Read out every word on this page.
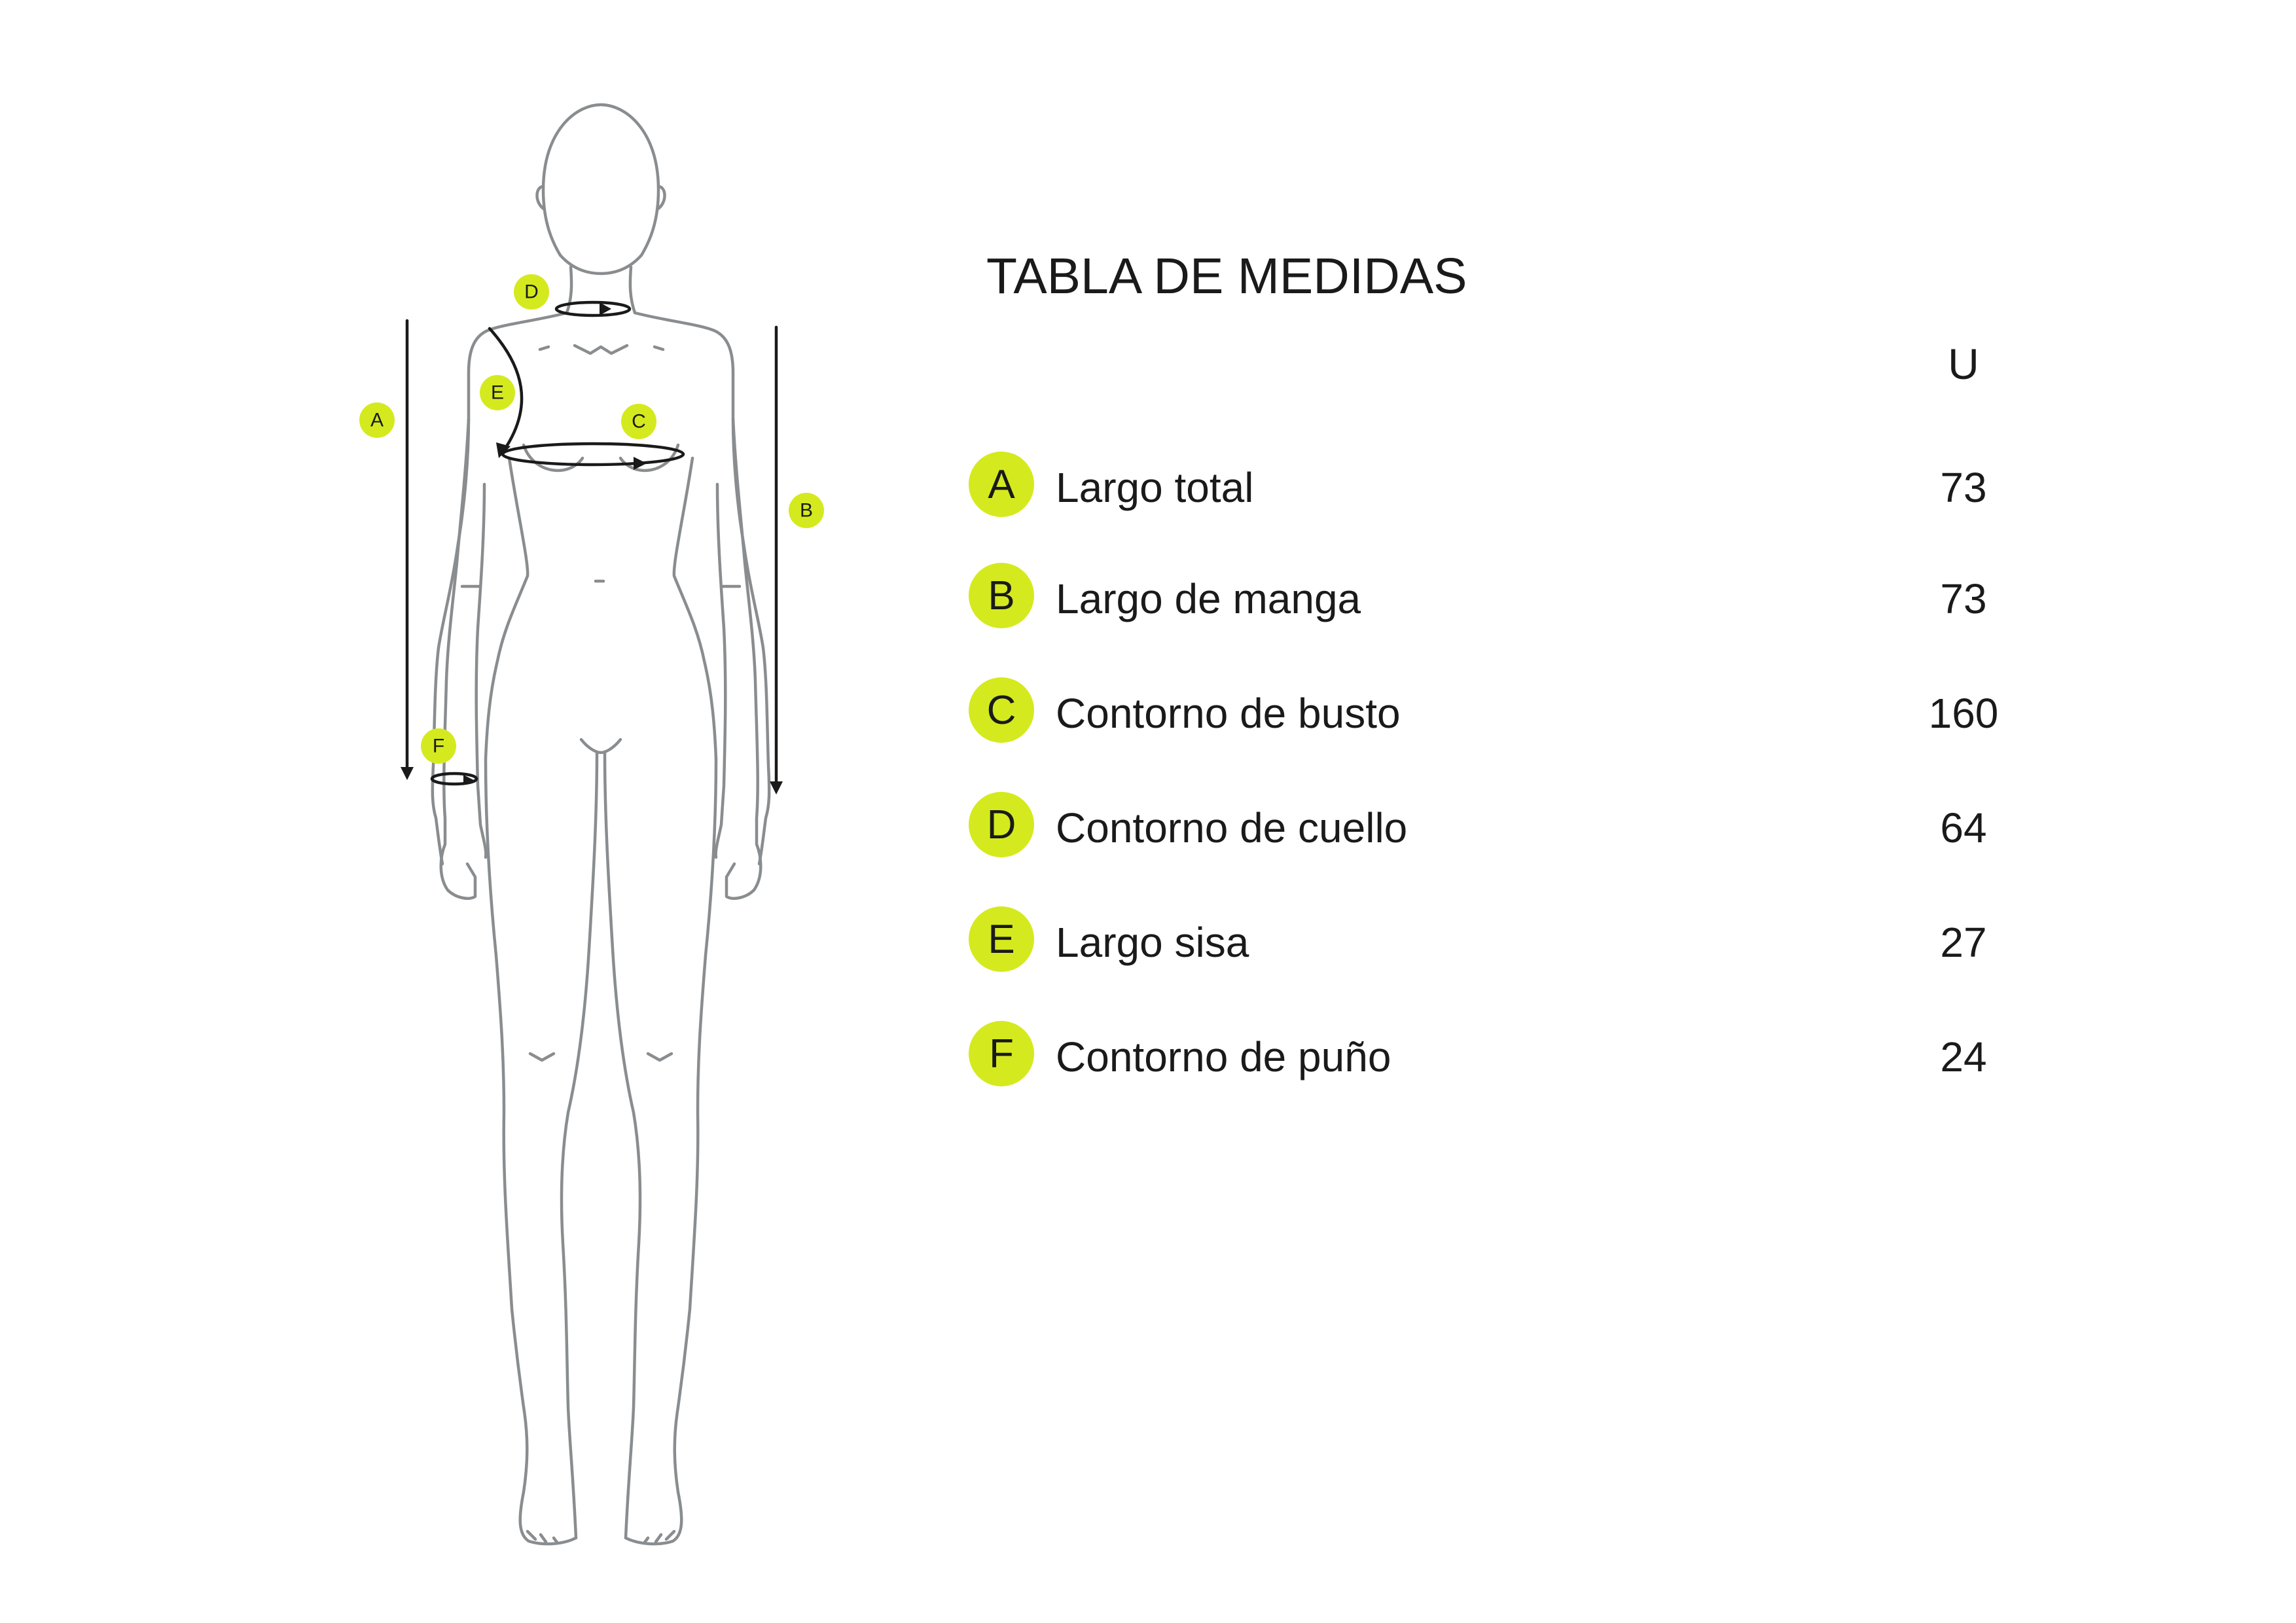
A
B
C
D
E
F
TABLA DE MEDIDAS
U
A Largo total	73
B Largo de manga	73
C Contorno de busto	160
D Contorno de cuello	64
E Largo sisa	27
F	Contorno de puño	24
